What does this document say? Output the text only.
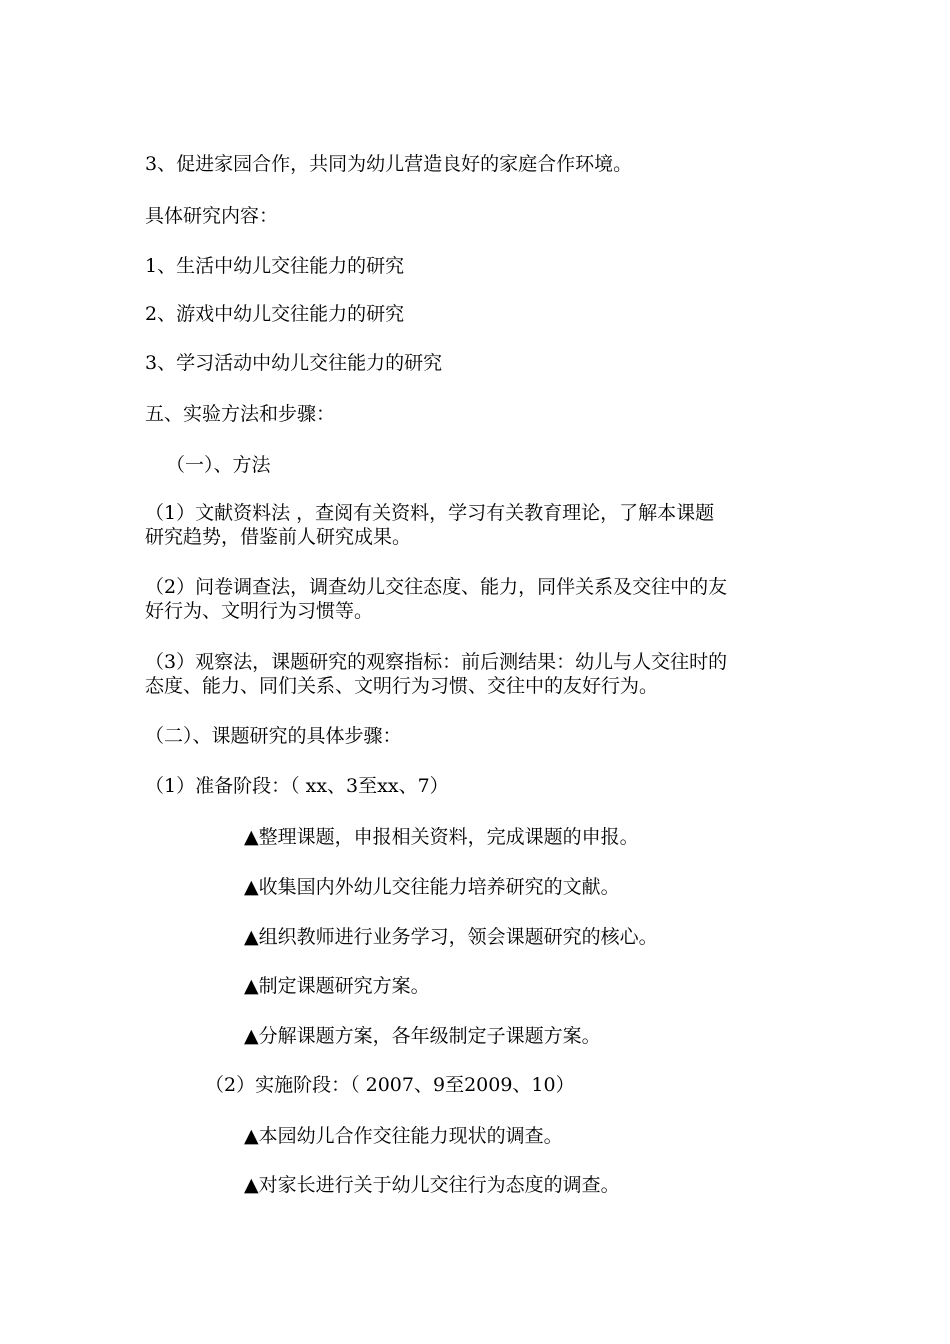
3、促进家园合作，共同为幼儿营造良好的家庭合作环境。

具体研究内容：

1、生活中幼儿交往能力的研究

2、游戏中幼儿交往能力的研究

3、学习活动中幼儿交往能力的研究

五、实验方法和步骤：

（一）、方法

（1）文献资料法 ，查阅有关资料，学习有关教育理论，了解本课题

研究趋势，借鉴前人研究成果。

（2）问卷调查法，调查幼儿交往态度、能力，同伴关系及交往中的友

好行为、文明行为习惯等。

（3）观察法，课题研究的观察指标：前后测结果：幼儿与人交往时的

态度、能力、同们关系、文明行为习惯、交往中的友好行为。

（二）、课题研究的具体步骤：

（1）准备阶段：（ xx、3至xx、7）

▲整理课题，申报相关资料，完成课题的申报。

▲收集国内外幼儿交往能力培养研究的文献。

▲组织教师进行业务学习，领会课题研究的核心。

▲制定课题研究方案。

▲分解课题方案，各年级制定子课题方案。

（2）实施阶段：（ 2007、9至2009、10）

▲本园幼儿合作交往能力现状的调查。

▲对家长进行关于幼儿交往行为态度的调查。
